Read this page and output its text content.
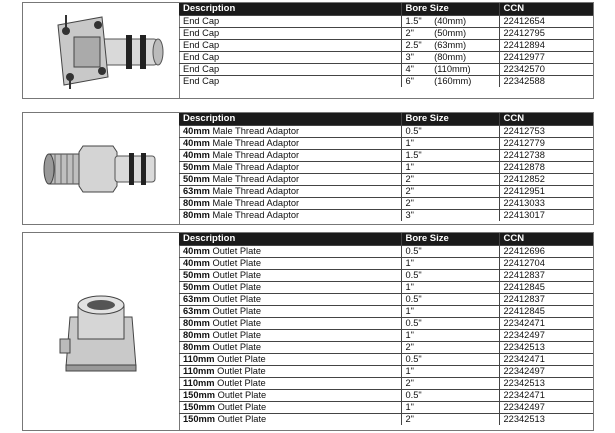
Description	Bore Size	CCN
End Cap	1.5" (40mm)	22412654
End Cap	2" (50mm)	22412795
End Cap	2.5" (63mm)	22412894
End Cap	3" (80mm)	22412977
End Cap	4" (110mm)	22342570
End Cap	6" (160mm)	22342588
Description	Bore Size	CCN
40mm Male Thread Adaptor	0.5"	22412753
40mm Male Thread Adaptor	1"	22412779
40mm Male Thread Adaptor	1.5"	22412738
50mm Male Thread Adaptor	1"	22412878
50mm Male Thread Adaptor	2"	22412852
63mm Male Thread Adaptor	2"	22412951
80mm Male Thread Adaptor	2"	22413033
80mm Male Thread Adaptor	3"	22413017
Description	Bore Size	CCN
40mm Outlet Plate	0.5"	22412696
40mm Outlet Plate	1"	22412704
50mm Outlet Plate	0.5"	22412837
50mm Outlet Plate	1"	22412845
63mm Outlet Plate	0.5"	22412837
63mm Outlet Plate	1"	22412845
80mm Outlet Plate	0.5"	22342471
80mm Outlet Plate	1"	22342497
80mm Outlet Plate	2"	22342513
110mm Outlet Plate	0.5"	22342471
110mm Outlet Plate	1"	22342497
110mm Outlet Plate	2"	22342513
150mm Outlet Plate	0.5"	22342471
150mm Outlet Plate	1"	22342497
150mm Outlet Plate	2"	22342513
